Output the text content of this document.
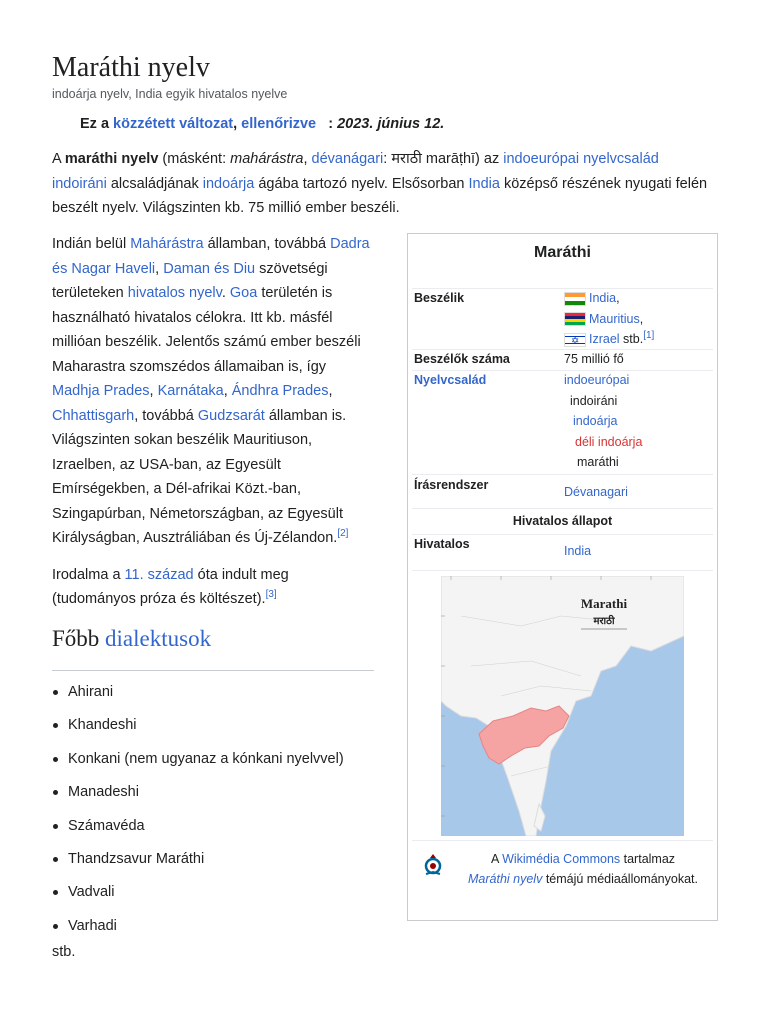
Maráthi nyelv
indoárja nyelv, India egyik hivatalos nyelve
Ez a közzétett változat, ellenőrizve : 2023. június 12.
A maráthi nyelv (másként: mahárástra, dévanágari: मराठी marāṭhī) az indoeurópai nyelvcsalád indoiráni alcsaládjának indoárja ágába tartozó nyelv. Elsősorban India középső részének nyugati felén beszélt nyelv. Világszinten kb. 75 millió ember beszéli.

Indián belül Mahárástra államban, továbbá Dadra és Nagar Haveli, Daman és Diu szövetségi területeken hivatalos nyelv. Goa területén is használható hivatalos célokra. Itt kb. másfél millióan beszélik. Jelentős számú ember beszéli Maharastra szomszédos államaiban is, így Madhja Prades, Karnátaka, Ándhra Prades, Chhattisgarh, továbbá Gudzsarát államban is. Világszinten sokan beszélik Mauritiuson, Izraelben, az USA-ban, az Egyesült Emírségekben, a Dél-afrikai Közt.-ban, Szingapúrban, Németországban, az Egyesült Királyságban, Ausztráliában és Új-Zélandon.[2]

Irodalma a 11. század óta indult meg (tudományos próza és költészet).[3]

Főbb dialektusok
Ahirani
Khandeshi
Konkani (nem ugyanaz a kónkani nyelvvel)
Manadeshi
Számavéda
Thandzsavur Maráthi
Vadvali
Varhadi
stb.
Maráthi
Beszélik	India,
Mauritius,
✡Izrael stb.[1]
Beszélők száma	75 millió fő
Nyelvcsalád	indoeurópai
indoiráni
indoárja
déli indoárja
maráthi
Írásrendszer	Dévanagari
Hivatalos állapot
Hivatalos	India
Marathi
मराठी
A Wikimédia Commons tartalmaz
Maráthi nyelv témájú médiaállományokat.
